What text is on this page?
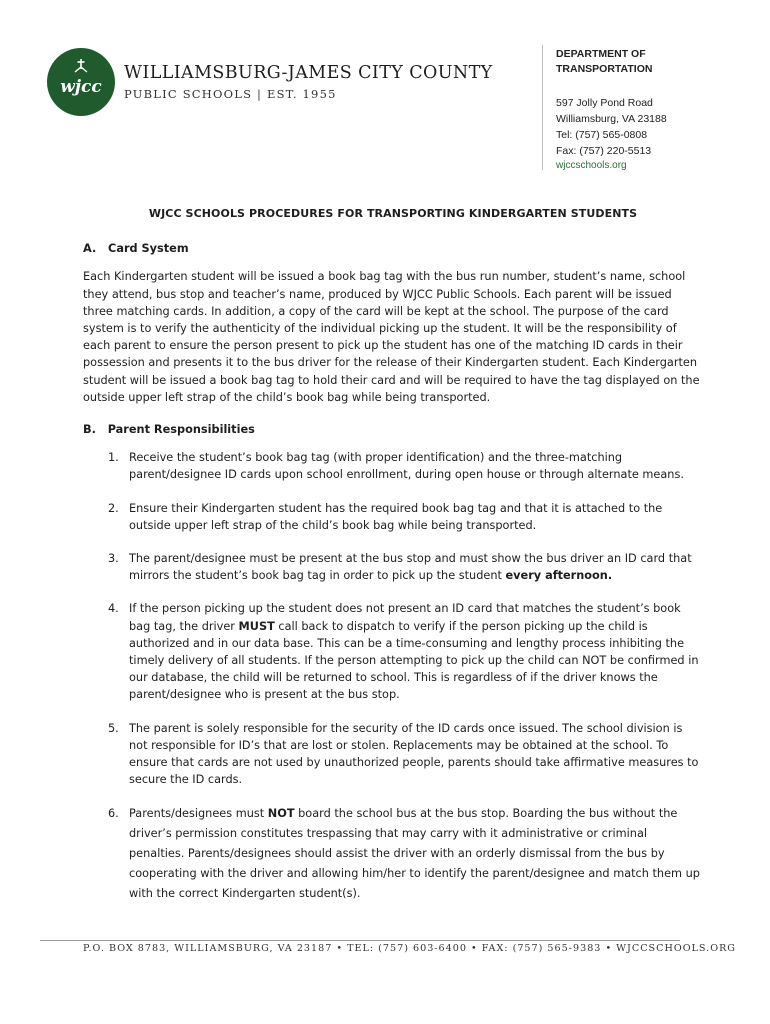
wjcc
WILLIAMSBURG-JAMES CITY COUNTY
PUBLIC SCHOOLS | EST. 1955
DEPARTMENT OF TRANSPORTATION
597 Jolly Pond Road
Williamsburg, VA 23188
Tel: (757) 565-0808
Fax: (757) 220-5513
wjccschools.org
WJCC SCHOOLS PROCEDURES FOR TRANSPORTING KINDERGARTEN STUDENTS
A.   Card System

Each Kindergarten student will be issued a book bag tag with the bus run number, student’s name, school they attend, bus stop and teacher’s name, produced by WJCC Public Schools. Each parent will be issued three matching cards. In addition, a copy of the card will be kept at the school. The purpose of the card system is to verify the authenticity of the individual picking up the student. It will be the responsibility of each parent to ensure the person present to pick up the student has one of the matching ID cards in their possession and presents it to the bus driver for the release of their Kindergarten student. Each Kindergarten student will be issued a book bag tag to hold their card and will be required to have the tag displayed on the outside upper left strap of the child’s book bag while being transported.

B.   Parent Responsibilities
1. Receive the student’s book bag tag (with proper identification) and the three-matching parent/designee ID cards upon school enrollment, during open house or through alternate means.
2. Ensure their Kindergarten student has the required book bag tag and that it is attached to the outside upper left strap of the child’s book bag while being transported.
3. The parent/designee must be present at the bus stop and must show the bus driver an ID card that mirrors the student’s book bag tag in order to pick up the student every afternoon.
4. If the person picking up the student does not present an ID card that matches the student’s book bag tag, the driver MUST call back to dispatch to verify if the person picking up the child is authorized and in our data base. This can be a time-consuming and lengthy process inhibiting the timely delivery of all students. If the person attempting to pick up the child can NOT be confirmed in our database, the child will be returned to school. This is regardless of if the driver knows the parent/designee who is present at the bus stop.
5. The parent is solely responsible for the security of the ID cards once issued. The school division is not responsible for ID’s that are lost or stolen. Replacements may be obtained at the school. To ensure that cards are not used by unauthorized people, parents should take affirmative measures to secure the ID cards.
6. Parents/designees must NOT board the school bus at the bus stop. Boarding the bus without the driver’s permission constitutes trespassing that may carry with it administrative or criminal penalties. Parents/designees should assist the driver with an orderly dismissal from the bus by cooperating with the driver and allowing him/her to identify the parent/designee and match them up with the correct Kindergarten student(s).
P.O. BOX 8783, WILLIAMSBURG, VA 23187 • TEL: (757) 603-6400 • FAX: (757) 565-9383 • WJCCSCHOOLS.ORG
